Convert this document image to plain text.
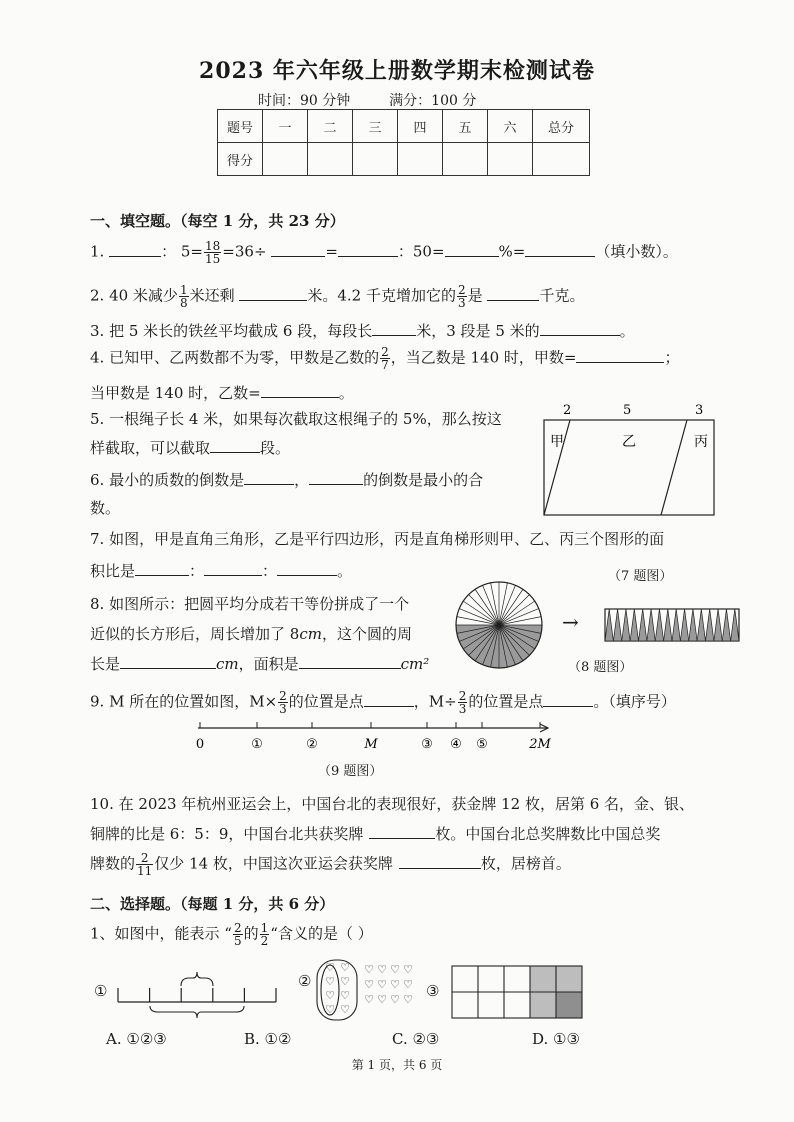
2023 年六年级上册数学期末检测试卷
时间：90 分钟	满分：100 分
题号	一	二	三	四	五	六	总分
得分							
一、填空题。（每空 1 分，共 23 分）
1.	： $5= \frac{18}{15} =36\div$	=	：50=	%=	（填小数）。
2. 40 米减少 $\frac{1}{8}$ 米还剩	米。4.2 千克增加它的 $\frac{2}{3}$ 是	千克。
3. 把 5 米长的铁丝平均截成 6 段，每段长	米，3 段是 5 米的	。
4. 已知甲、乙两数都不为零，甲数是乙数的 $\frac{2}{7}$ ，当乙数是 140 时，甲数=	；
当甲数是 140 时，乙数=	。
5. 一根绳子长 4 米，如果每次截取这根绳子的 5%，那么按这
样截取，可以截取	段。
6. 最小的质数的倒数是	，	的倒数是最小的合
数。
2	5	3
甲	乙	丙
7. 如图，甲是直角三角形，乙是平行四边形，丙是直角梯形则甲、乙、丙三个图形的面
积比是	：	：	。	（7 题图）
8. 如图所示：把圆平均分成若干等份拼成了一个
近似的长方形后，周长增加了 8cm，这个圆的周
长是	cm，面积是	cm²
→
（8 题图）
9. M 所在的位置如图，$M\times \frac{2}{3}$ 的位置是点	，$M\div \frac{2}{3}$ 的位置是点	。（填序号）
0	①	②	M	③ ④ ⑤	2M
（9 题图）
10. 在 2023 年杭州亚运会上，中国台北的表现很好，获金牌 12 枚，居第 6 名，金、银、
铜牌的比是 6：5：9，中国台北共获奖牌	枚。中国台北总奖牌数比中国总奖
牌数的 $\frac{2}{11}$ 仅少 14 枚，中国这次亚运会获奖牌	枚，居榜首。
二、选择题。（每题 1 分，共 6 分）
1、如图中，能表示 “ $\frac{2}{5}$ 的 $\frac{1}{2}$ “含义的是（ ）
①
②
♡ ♡
♡ ♡
♡ ♡
♡ ♡
♡ ♡ ♡ ♡
♡ ♡ ♡ ♡
♡ ♡ ♡ ♡ ③
A. ①②③	B. ①②	C. ②③	D. ①③
第 1 页，共 6 页
